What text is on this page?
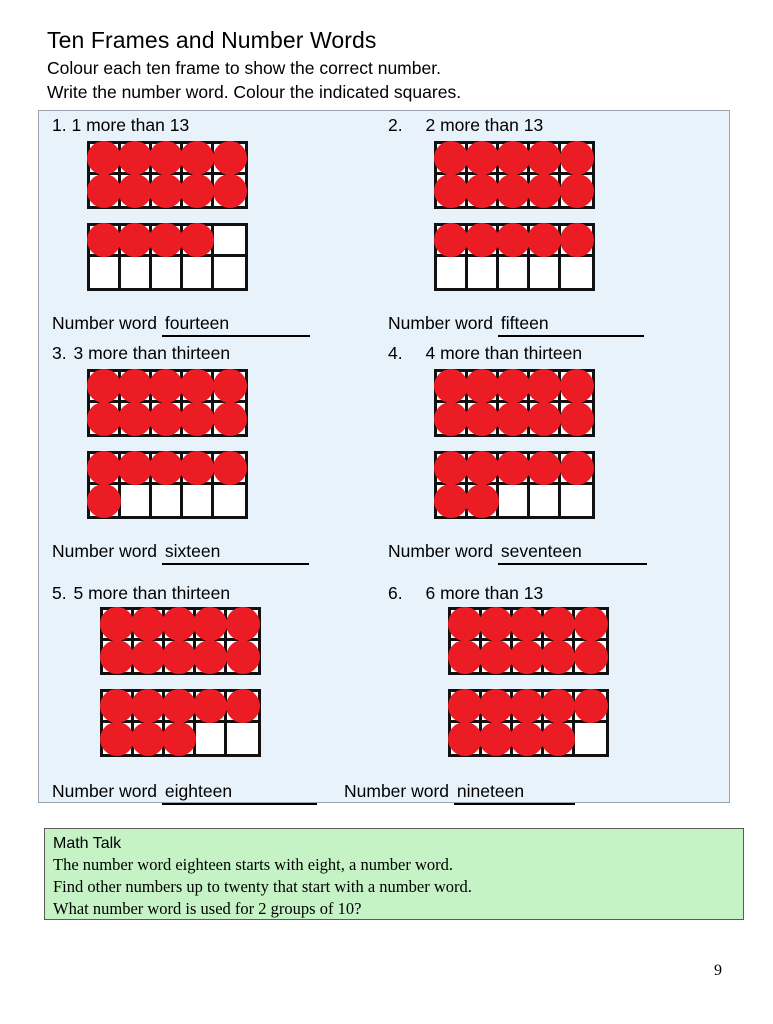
Ten Frames and Number Words
Colour each ten frame to show the correct number.
Write the number word. Colour the indicated squares.
1. 1 more than 13
Number word fourteen
2. 2 more than 13
Number word fifteen
3. 3 more than thirteen
Number word sixteen
4. 4 more than thirteen
Number word seventeen
5. 5 more than thirteen
Number word eighteen
6. 6 more than 13
Number word nineteen
Math Talk
The number word eighteen starts with eight, a number word.
Find other numbers up to twenty that start with a number word.
What number word is used for 2 groups of 10?
9
